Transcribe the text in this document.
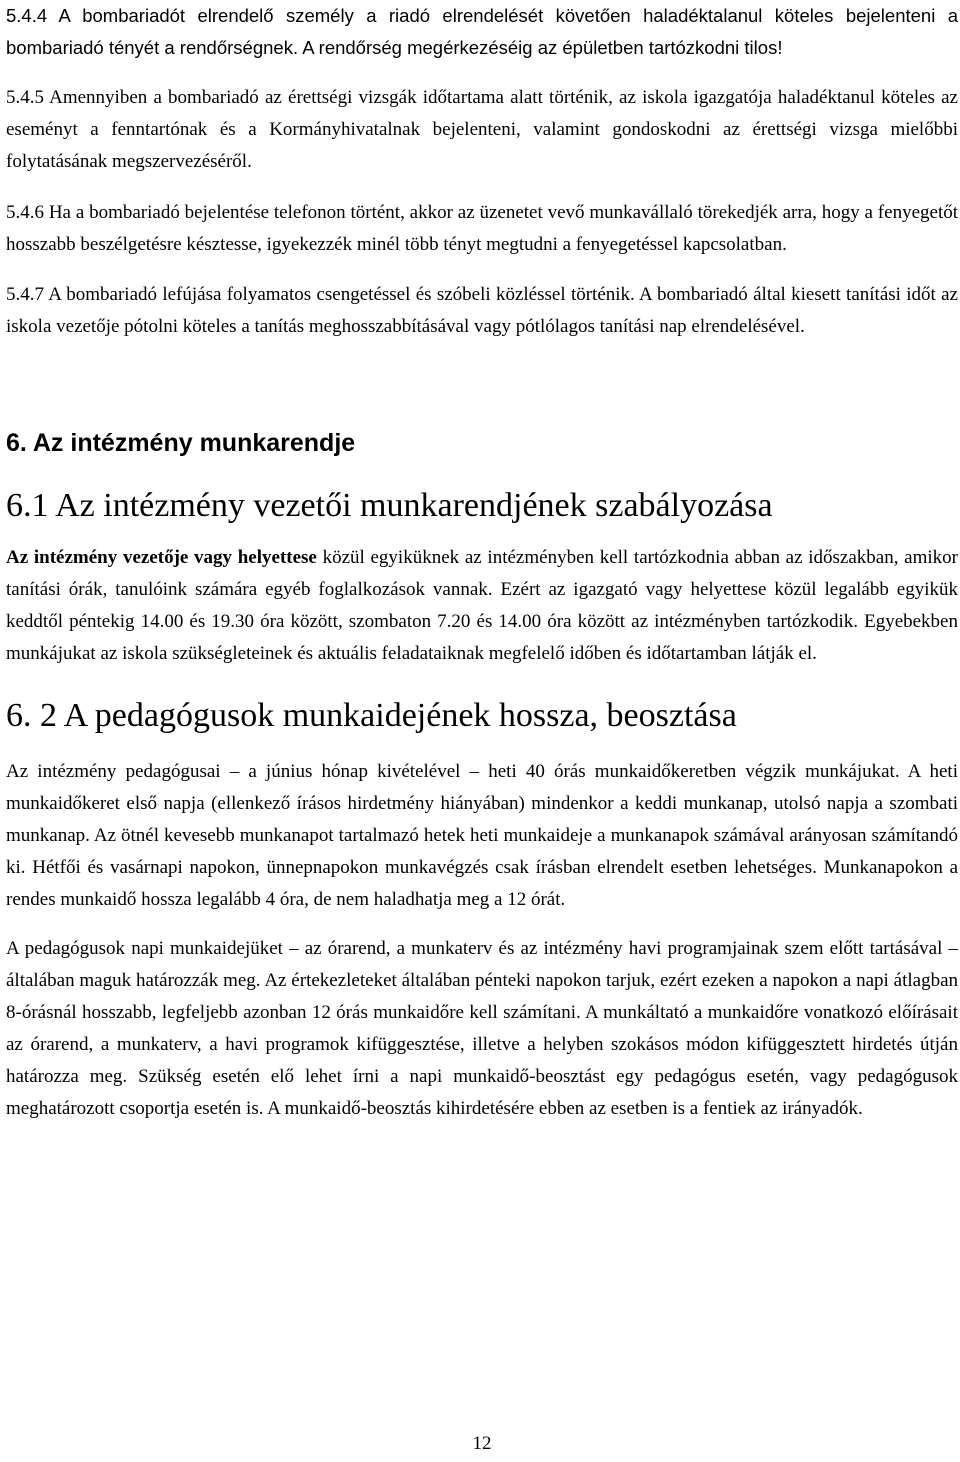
5.4.4 A bombariadót elrendelő személy a riadó elrendelését követően haladéktalanul köteles bejelenteni a bombariadó tényét a rendőrségnek. A rendőrség megérkezéséig az épületben tartózkodni tilos!

5.4.5 Amennyiben a bombariadó az érettségi vizsgák időtartama alatt történik, az iskola igazgatója haladéktanul köteles az eseményt a fenntartónak és a Kormányhivatalnak bejelenteni, valamint gondoskodni az érettségi vizsga mielőbbi folytatásának megszervezéséről.

5.4.6 Ha a bombariadó bejelentése telefonon történt, akkor az üzenetet vevő munkavállaló törekedjék arra, hogy a fenyegetőt hosszabb beszélgetésre késztesse, igyekezzék minél több tényt megtudni a fenyegetéssel kapcsolatban.

5.4.7 A bombariadó lefújása folyamatos csengetéssel és szóbeli közléssel történik. A bombariadó által kiesett tanítási időt az iskola vezetője pótolni köteles a tanítás meghosszabbításával vagy pótlólagos tanítási nap elrendelésével.

6. Az intézmény munkarendje
6.1 Az intézmény vezetői munkarendjének szabályozása

Az intézmény vezetője vagy helyettese közül egyiküknek az intézményben kell tartózkodnia abban az időszakban, amikor tanítási órák, tanulóink számára egyéb foglalkozások vannak. Ezért az igazgató vagy helyettese közül legalább egyikük keddtől péntekig 14.00 és 19.30 óra között, szombaton 7.20 és 14.00 óra között az intézményben tartózkodik. Egyebekben munkájukat az iskola szükségleteinek és aktuális feladataiknak megfelelő időben és időtartamban látják el.

6. 2 A pedagógusok munkaidejének hossza, beosztása

Az intézmény pedagógusai – a június hónap kivételével – heti 40 órás munkaidőkeretben végzik munkájukat. A heti munkaidőkeret első napja (ellenkező írásos hirdetmény hiányában) mindenkor a keddi munkanap, utolsó napja a szombati munkanap. Az ötnél kevesebb munkanapot tartalmazó hetek heti munkaideje a munkanapok számával arányosan számítandó ki. Hétfői és vasárnapi napokon, ünnepnapokon munkavégzés csak írásban elrendelt esetben lehetséges. Munkanapokon a rendes munkaidő hossza legalább 4 óra, de nem haladhatja meg a 12 órát.

A pedagógusok napi munkaidejüket – az órarend, a munkaterv és az intézmény havi programjainak szem előtt tartásával – általában maguk határozzák meg. Az értekezleteket általában pénteki napokon tarjuk, ezért ezeken a napokon a napi átlagban 8-órásnál hosszabb, legfeljebb azonban 12 órás munkaidőre kell számítani. A munkáltató a munkaidőre vonatkozó előírásait az órarend, a munkaterv, a havi programok kifüggesztése, illetve a helyben szokásos módon kifüggesztett hirdetés útján határozza meg. Szükség esetén elő lehet írni a napi munkaidő-beosztást egy pedagógus esetén, vagy pedagógusok meghatározott csoportja esetén is. A munkaidő-beosztás kihirdetésére ebben az esetben is a fentiek az irányadók.

12
